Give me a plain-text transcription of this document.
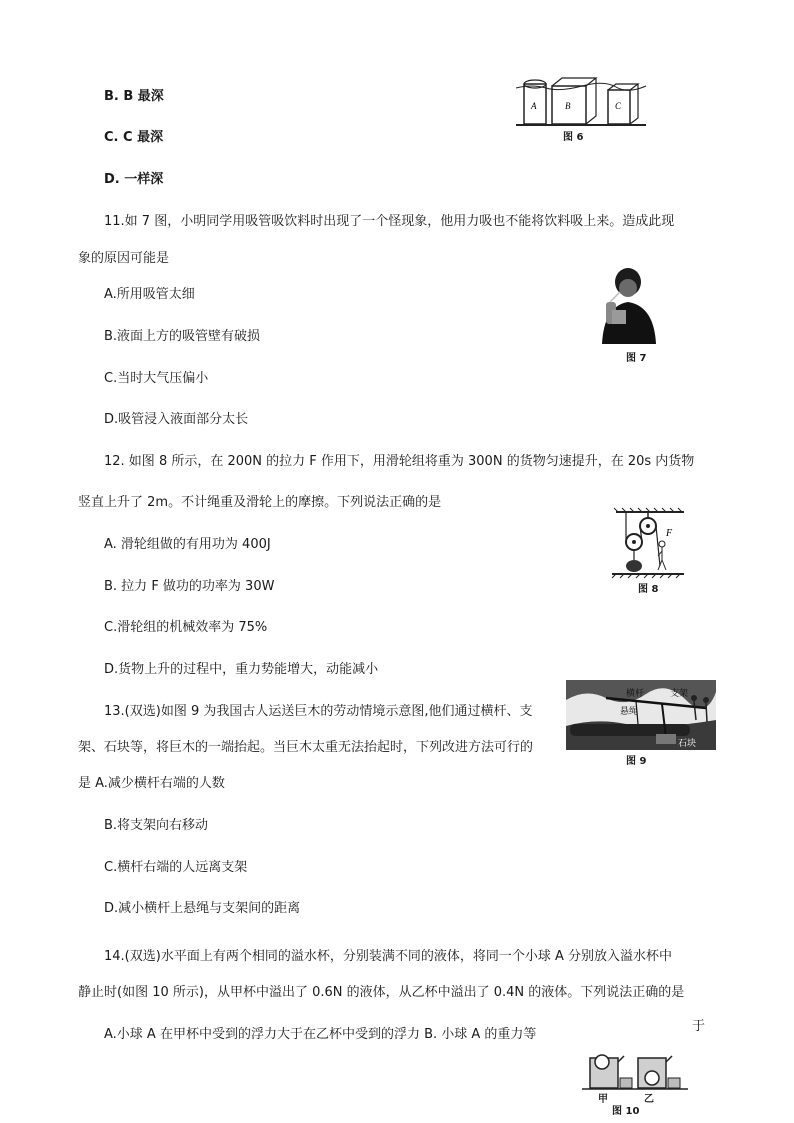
B. B 最深
C. C 最深
D. 一样深
A	B	C
图 6
11.如 7 图，小明同学用吸管吸饮料时出现了一个怪现象，他用力吸也不能将饮料吸上来。造成此现
象的原因可能是
A.所用吸管太细
B.液面上方的吸管壁有破损
C.当时大气压偏小
D.吸管浸入液面部分太长
图 7
12. 如图 8 所示，在 200N 的拉力 F 作用下，用滑轮组将重为 300N 的货物匀速提升，在 20s 内货物
竖直上升了 2m。不计绳重及滑轮上的摩擦。下列说法正确的是
A. 滑轮组做的有用功为 400J
B. 拉力 F 做功的功率为 30W
C.滑轮组的机械效率为 75%
D.货物上升的过程中，重力势能增大，动能减小
F
图 8
13.(双选)如图 9 为我国古人运送巨木的劳动情境示意图,他们通过横杆、支
架、石块等，将巨木的一端抬起。当巨木太重无法抬起时，下列改进方法可行的
是 A.减少横杆右端的人数
B.将支架向右移动
C.横杆右端的人远离支架
D.减小横杆上悬绳与支架间的距离
横杆	支架
悬绳
石块
图 9
14.(双选)水平面上有两个相同的溢水杯，分别装满不同的液体，将同一个小球 A 分别放入溢水杯中
静止时(如图 10 所示)，从甲杯中溢出了 0.6N 的液体，从乙杯中溢出了 0.4N 的液体。下列说法正确的是
A.小球 A 在甲杯中受到的浮力大于在乙杯中受到的浮力 B. 小球 A 的重力等
于
甲	乙
图 10
